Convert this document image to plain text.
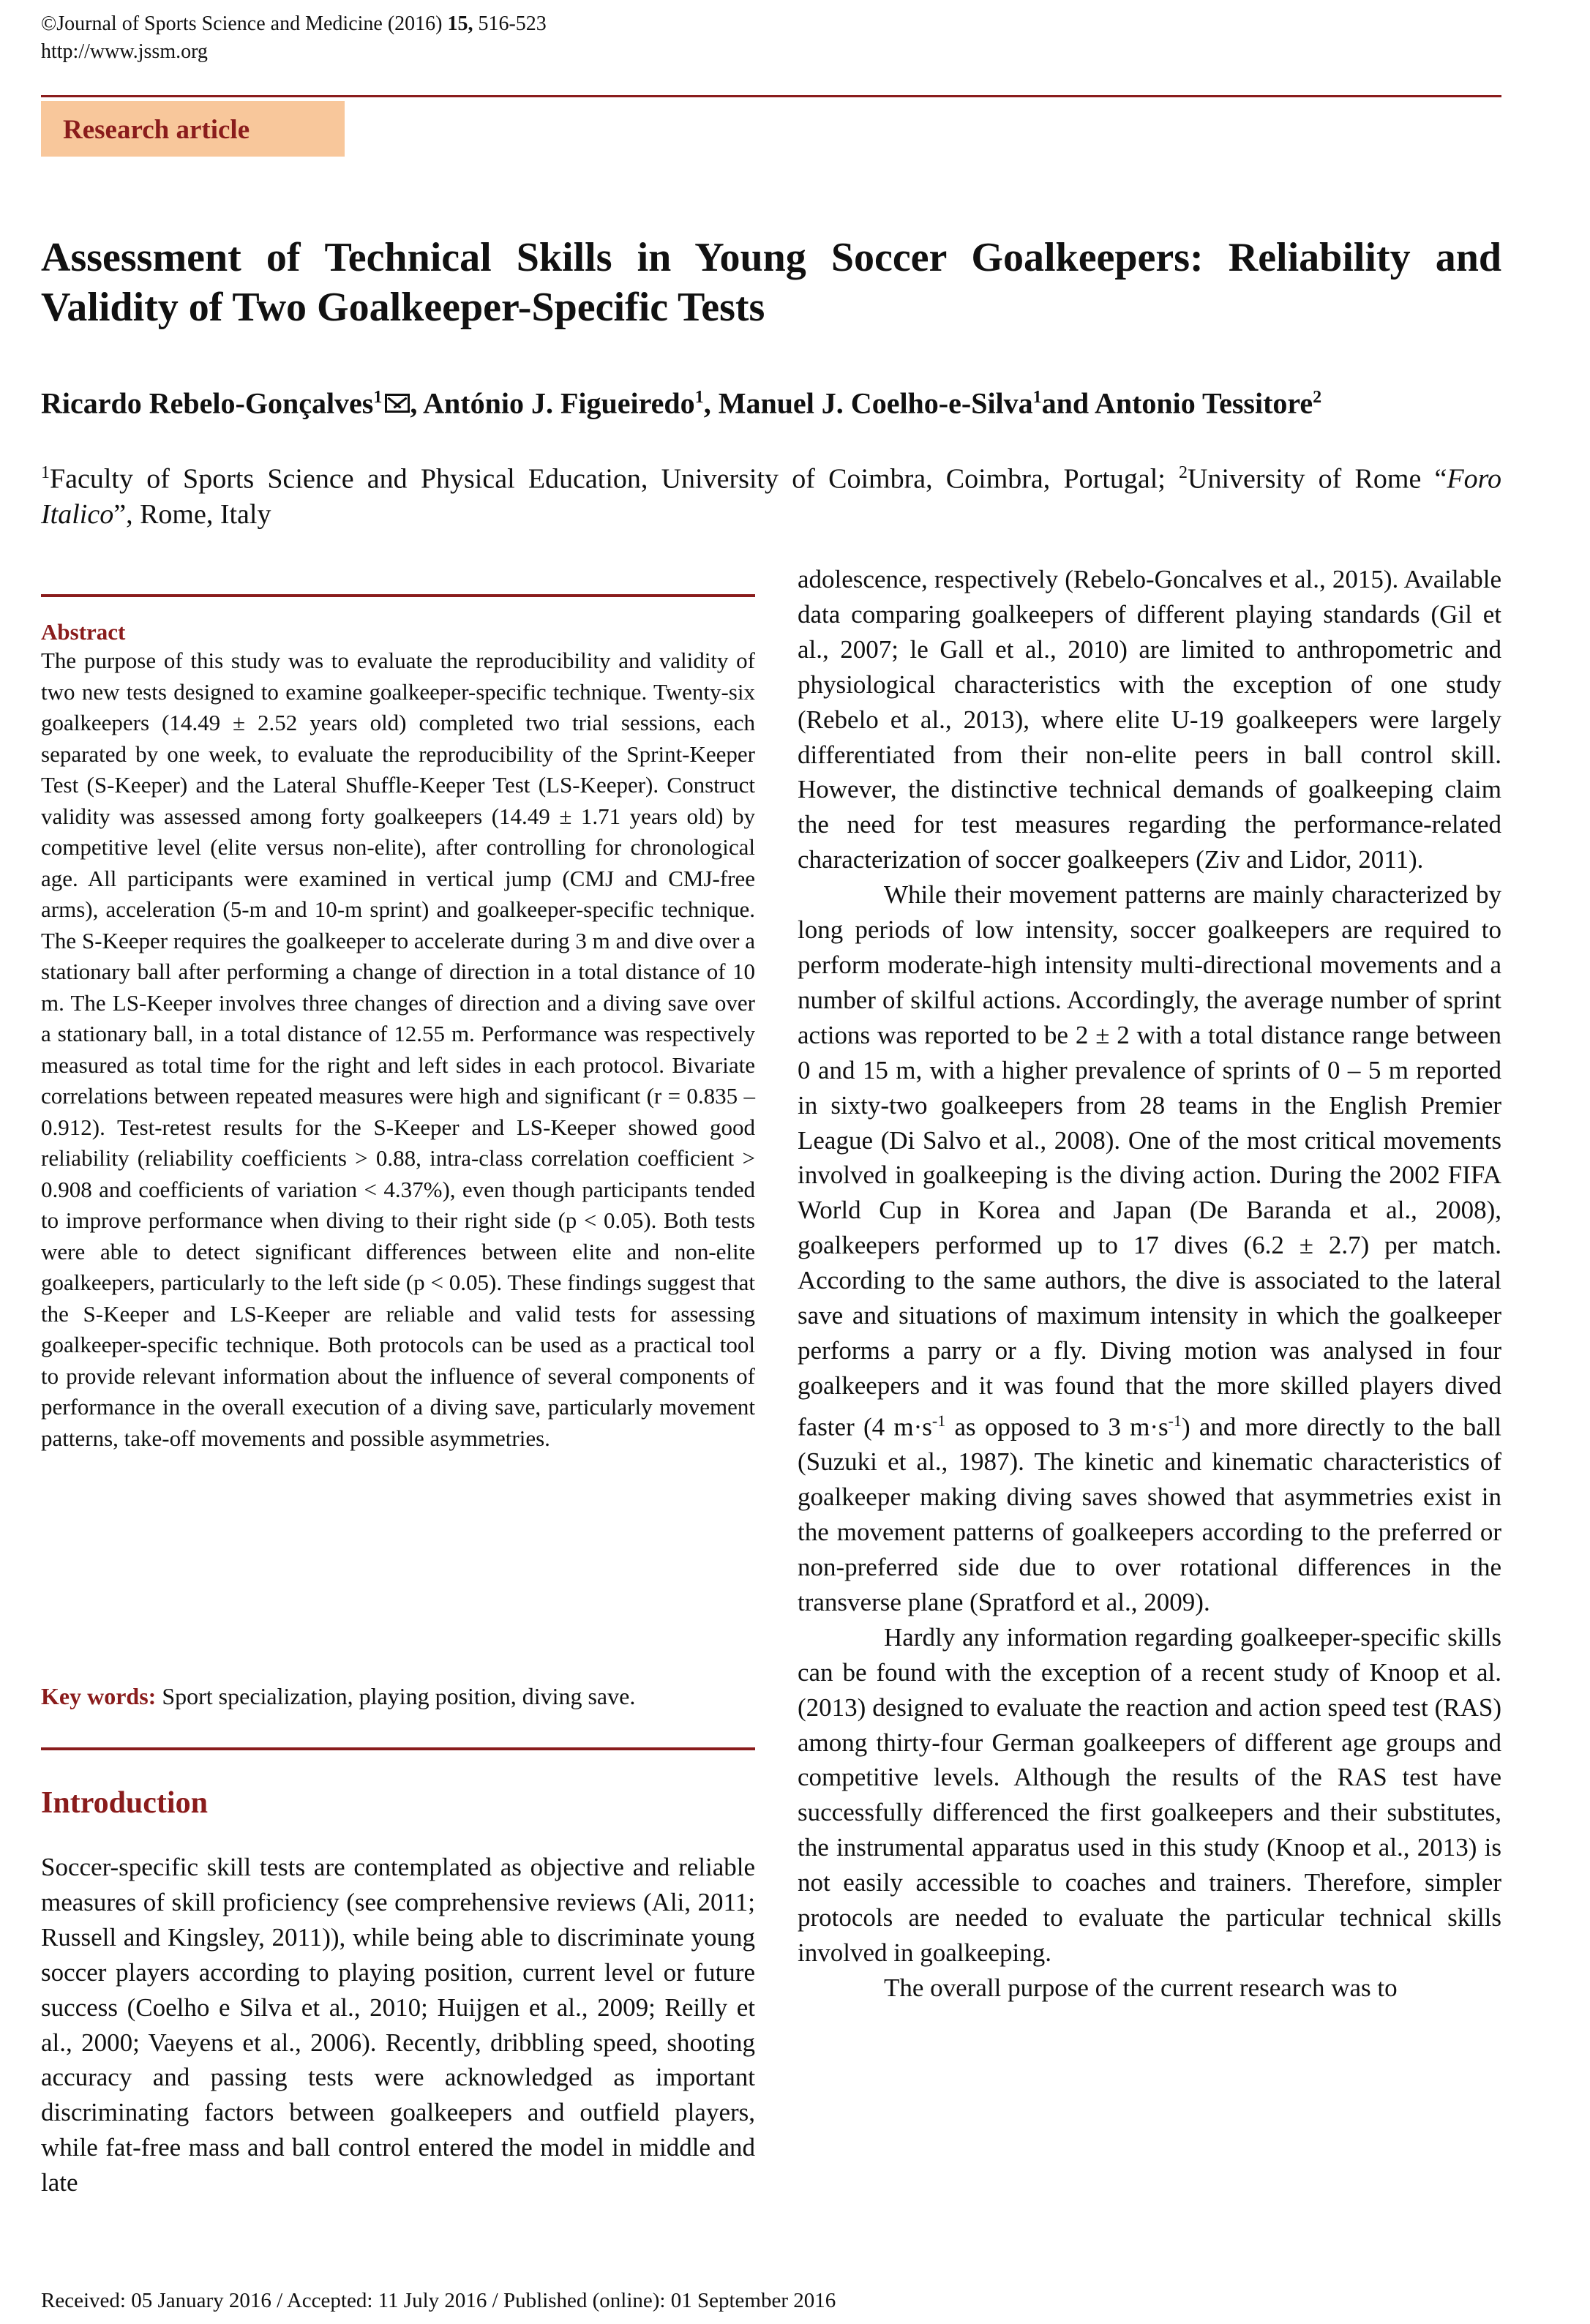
©Journal of Sports Science and Medicine (2016) 15, 516-523
http://www.jssm.org
Research article
Assessment of Technical Skills in Young Soccer Goalkeepers: Reliability and Validity of Two Goalkeeper-Specific Tests
Ricardo Rebelo-Gonçalves$^1$ , António J. Figueiredo$^1$, Manuel J. Coelho-e-Silva$^1$and Antonio Tessitore$^2$
$^1$Faculty of Sports Science and Physical Education, University of Coimbra, Coimbra, Portugal; $^2$University of Rome “Foro Italico”, Rome, Italy
Abstract
The purpose of this study was to evaluate the reproducibility and validity of two new tests designed to examine goalkeeper-specific technique. Twenty-six goalkeepers (14.49 ± 2.52 years old) completed two trial sessions, each separated by one week, to evaluate the reproducibility of the Sprint-Keeper Test (S-Keeper) and the Lateral Shuffle-Keeper Test (LS-Keeper). Construct validity was assessed among forty goalkeepers (14.49 ± 1.71 years old) by competitive level (elite versus non-elite), after controlling for chronological age. All participants were examined in vertical jump (CMJ and CMJ-free arms), acceleration (5-m and 10-m sprint) and goalkeeper-specific technique. The S-Keeper requires the goalkeeper to accelerate during 3 m and dive over a stationary ball after performing a change of direction in a total distance of 10 m. The LS-Keeper involves three changes of direction and a diving save over a stationary ball, in a total distance of 12.55 m. Performance was respectively measured as total time for the right and left sides in each protocol. Bivariate correlations between repeated measures were high and significant (r = 0.835 – 0.912). Test-retest results for the S-Keeper and LS-Keeper showed good reliability (reliability coefficients > 0.88, intra-class correlation coefficient > 0.908 and coefficients of variation < 4.37%), even though participants tended to improve performance when diving to their right side (p < 0.05). Both tests were able to detect significant differences between elite and non-elite goalkeepers, particularly to the left side (p < 0.05). These findings suggest that the S-Keeper and LS-Keeper are reliable and valid tests for assessing goalkeeper-specific technique. Both protocols can be used as a practical tool to provide relevant information about the influence of several components of performance in the overall execution of a diving save, particularly movement patterns, take-off movements and possible asymmetries.
Key words: Sport specialization, playing position, diving save.
Introduction

Soccer-specific skill tests are contemplated as objective and reliable measures of skill proficiency (see comprehensive reviews (Ali, 2011; Russell and Kingsley, 2011)), while being able to discriminate young soccer players according to playing position, current level or future success (Coelho e Silva et al., 2010; Huijgen et al., 2009; Reilly et al., 2000; Vaeyens et al., 2006). Recently, dribbling speed, shooting accuracy and passing tests were acknowledged as important discriminating factors between goalkeepers and outfield players, while fat-free mass and ball control entered the model in middle and late

adolescence, respectively (Rebelo-Goncalves et al., 2015). Available data comparing goalkeepers of different playing standards (Gil et al., 2007; le Gall et al., 2010) are limited to anthropometric and physiological characteristics with the exception of one study (Rebelo et al., 2013), where elite U-19 goalkeepers were largely differentiated from their non-elite peers in ball control skill. However, the distinctive technical demands of goalkeeping claim the need for test measures regarding the performance-related characterization of soccer goalkeepers (Ziv and Lidor, 2011).

While their movement patterns are mainly characterized by long periods of low intensity, soccer goalkeepers are required to perform moderate-high intensity multi-directional movements and a number of skilful actions. Accordingly, the average number of sprint actions was reported to be 2 ± 2 with a total distance range between 0 and 15 m, with a higher prevalence of sprints of 0 – 5 m reported in sixty-two goalkeepers from 28 teams in the English Premier League (Di Salvo et al., 2008). One of the most critical movements involved in goalkeeping is the diving action. During the 2002 FIFA World Cup in Korea and Japan (De Baranda et al., 2008), goalkeepers performed up to 17 dives (6.2 ± 2.7) per match. According to the same authors, the dive is associated to the lateral save and situations of maximum intensity in which the goalkeeper performs a parry or a fly. Diving motion was analysed in four goalkeepers and it was found that the more skilled players dived faster (4 $m\cdot s^{-1}$ as opposed to 3 $m\cdot s^{-1}$) and more directly to the ball (Suzuki et al., 1987). The kinetic and kinematic characteristics of goalkeeper making diving saves showed that asymmetries exist in the movement patterns of goalkeepers according to the preferred or non-preferred side due to over rotational differences in the transverse plane (Spratford et al., 2009).

Hardly any information regarding goalkeeper-specific skills can be found with the exception of a recent study of Knoop et al. (2013) designed to evaluate the reaction and action speed test (RAS) among thirty-four German goalkeepers of different age groups and competitive levels. Although the results of the RAS test have successfully differenced the first goalkeepers and their substitutes, the instrumental apparatus used in this study (Knoop et al., 2013) is not easily accessible to coaches and trainers. Therefore, simpler protocols are needed to evaluate the particular technical skills involved in goalkeeping.

The overall purpose of the current research was to

Received: 05 January 2016 / Accepted: 11 July 2016 / Published (online): 01 September 2016
